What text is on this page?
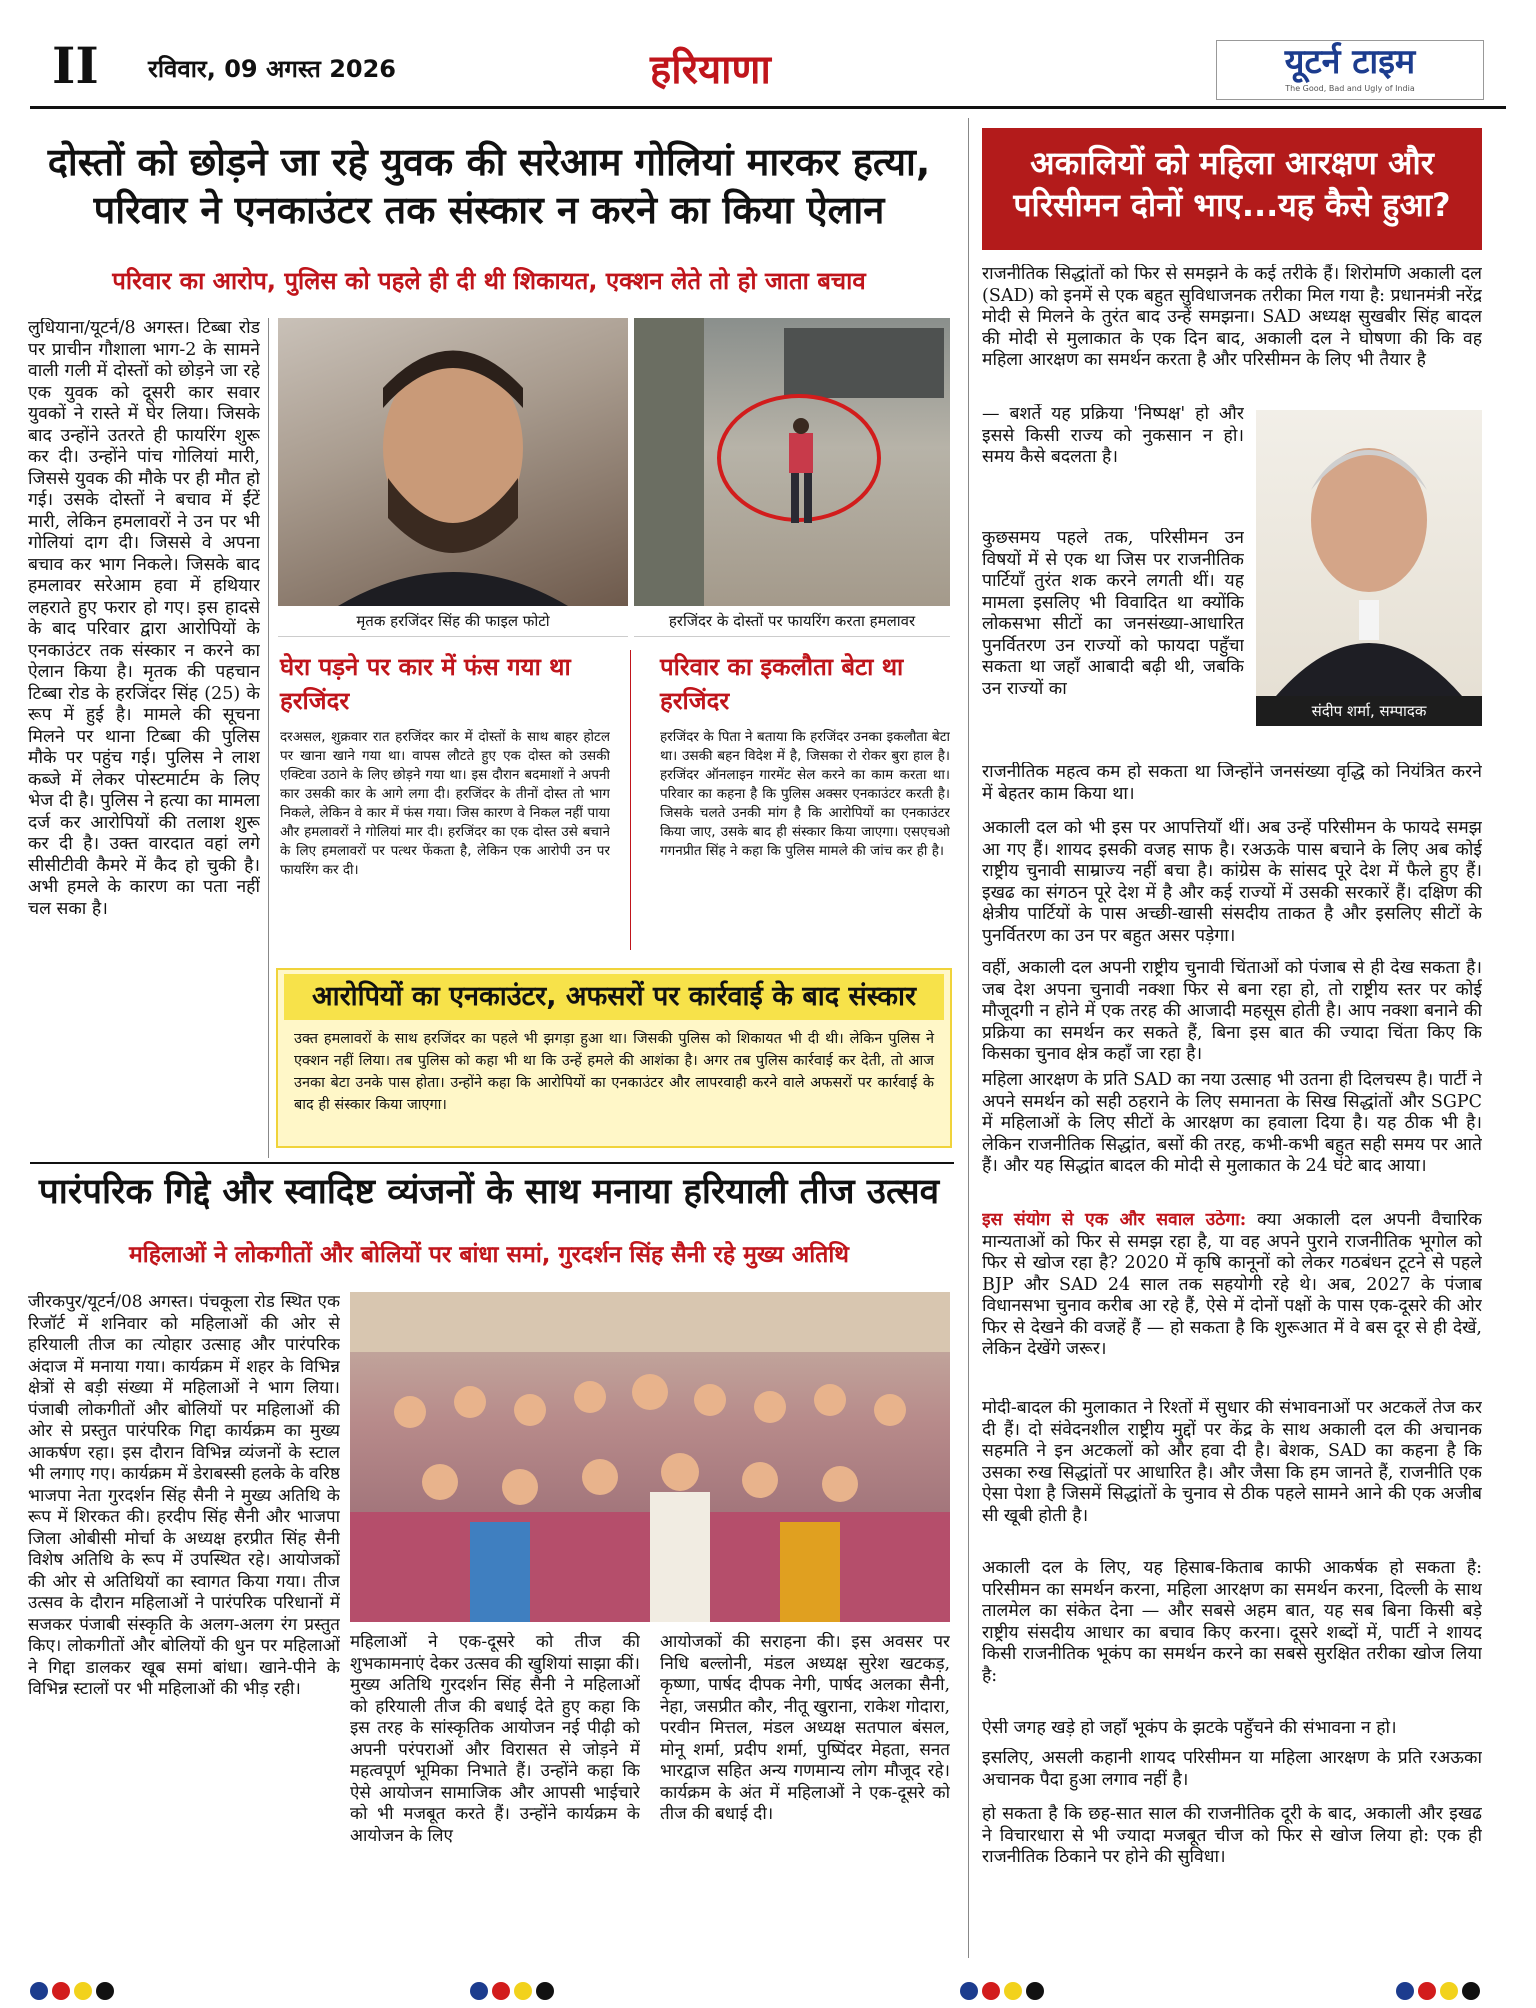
II रविवार, 09 अगस्त 2026	हरियाणा	यूटर्न टाइम
The Good, Bad and Ugly of India
दोस्तों को छोड़ने जा रहे युवक की सरेआम गोलियां मारकर हत्या,
परिवार ने एनकाउंटर तक संस्कार न करने का किया ऐलान
परिवार का आरोप, पुलिस को पहले ही दी थी शिकायत, एक्शन लेते तो हो जाता बचाव
लुधियाना/यूटर्न/8 अगस्त। टिब्बा रोड पर प्राचीन गौशाला भाग-2 के सामने वाली गली में दोस्तों को छोड़ने जा रहे एक युवक को दूसरी कार सवार युवकों ने रास्ते में घेर लिया। जिसके बाद उन्होंने उतरते ही फायरिंग शुरू कर दी। उन्होंने पांच गोलियां मारी, जिससे युवक की मौके पर ही मौत हो गई। उसके दोस्तों ने बचाव में ईंटें मारी, लेकिन हमलावरों ने उन पर भी गोलियां दाग दी। जिससे वे अपना बचाव कर भाग निकले। जिसके बाद हमलावर सरेआम हवा में हथियार लहराते हुए फरार हो गए। इस हादसे के बाद परिवार द्वारा आरोपियों के एनकाउंटर तक संस्कार न करने का ऐलान किया है। मृतक की पहचान टिब्बा रोड के हरजिंदर सिंह (25) के रूप में हुई है। मामले की सूचना मिलने पर थाना टिब्बा की पुलिस मौके पर पहुंच गई। पुलिस ने लाश कब्जे में लेकर पोस्टमार्टम के लिए भेज दी है। पुलिस ने हत्या का मामला दर्ज कर आरोपियों की तलाश शुरू कर दी है। उक्त वारदात वहां लगे सीसीटीवी कैमरे में कैद हो चुकी है। अभी हमले के कारण का पता नहीं चल सका है।
मृतक हरजिंदर सिंह की फाइल फोटो	हरजिंदर के दोस्तों पर फायरिंग करता हमलावर
घेरा पड़ने पर कार में फंस गया था हरजिंदर
दरअसल, शुक्रवार रात हरजिंदर कार में दोस्तों के साथ बाहर होटल पर खाना खाने गया था। वापस लौटते हुए एक दोस्त को उसकी एक्टिवा उठाने के लिए छोड़ने गया था। इस दौरान बदमाशों ने अपनी कार उसकी कार के आगे लगा दी। हरजिंदर के तीनों दोस्त तो भाग निकले, लेकिन वे कार में फंस गया। जिस कारण वे निकल नहीं पाया और हमलावरों ने गोलियां मार दी। हरजिंदर का एक दोस्त उसे बचाने के लिए हमलावरों पर पत्थर फेंकता है, लेकिन एक आरोपी उन पर फायरिंग कर दी।
परिवार का इकलौता बेटा था हरजिंदर
हरजिंदर के पिता ने बताया कि हरजिंदर उनका इकलौता बेटा था। उसकी बहन विदेश में है, जिसका रो रोकर बुरा हाल है। हरजिंदर ऑनलाइन गारमेंट सेल करने का काम करता था। परिवार का कहना है कि पुलिस अक्सर एनकाउंटर करती है। जिसके चलते उनकी मांग है कि आरोपियों का एनकाउंटर किया जाए, उसके बाद ही संस्कार किया जाएगा। एसएचओ गगनप्रीत सिंह ने कहा कि पुलिस मामले की जांच कर ही है।
आरोपियों का एनकाउंटर, अफसरों पर कार्रवाई के बाद संस्कार
उक्त हमलावरों के साथ हरजिंदर का पहले भी झगड़ा हुआ था। जिसकी पुलिस को शिकायत भी दी थी। लेकिन पुलिस ने एक्शन नहीं लिया। तब पुलिस को कहा भी था कि उन्हें हमले की आशंका है। अगर तब पुलिस कार्रवाई कर देती, तो आज उनका बेटा उनके पास होता। उन्होंने कहा कि आरोपियों का एनकाउंटर और लापरवाही करने वाले अफसरों पर कार्रवाई के बाद ही संस्कार किया जाएगा।
पारंपरिक गिद्दे और स्वादिष्ट व्यंजनों के साथ मनाया हरियाली तीज उत्सव
महिलाओं ने लोकगीतों और बोलियों पर बांधा समां, गुरदर्शन सिंह सैनी रहे मुख्य अतिथि
जीरकपुर/यूटर्न/08 अगस्त। पंचकूला रोड स्थित एक रिजॉर्ट में शनिवार को महिलाओं की ओर से हरियाली तीज का त्योहार उत्साह और पारंपरिक अंदाज में मनाया गया। कार्यक्रम में शहर के विभिन्न क्षेत्रों से बड़ी संख्या में महिलाओं ने भाग लिया। पंजाबी लोकगीतों और बोलियों पर महिलाओं की ओर से प्रस्तुत पारंपरिक गिद्दा कार्यक्रम का मुख्य आकर्षण रहा। इस दौरान विभिन्न व्यंजनों के स्टाल भी लगाए गए। कार्यक्रम में डेराबस्सी हलके के वरिष्ठ भाजपा नेता गुरदर्शन सिंह सैनी ने मुख्य अतिथि के रूप में शिरकत की। हरदीप सिंह सैनी और भाजपा जिला ओबीसी मोर्चा के अध्यक्ष हरप्रीत सिंह सैनी विशेष अतिथि के रूप में उपस्थित रहे। आयोजकों की ओर से अतिथियों का स्वागत किया गया। तीज उत्सव के दौरान महिलाओं ने पारंपरिक परिधानों में सजकर पंजाबी संस्कृति के अलग-अलग रंग प्रस्तुत किए। लोकगीतों और बोलियों की धुन पर महिलाओं ने गिद्दा डालकर खूब समां बांधा। खाने-पीने के विभिन्न स्टालों पर भी महिलाओं की भीड़ रही।
महिलाओं ने एक-दूसरे को तीज की शुभकामनाएं देकर उत्सव की खुशियां साझा कीं। मुख्य अतिथि गुरदर्शन सिंह सैनी ने महिलाओं को हरियाली तीज की बधाई देते हुए कहा कि इस तरह के सांस्कृतिक आयोजन नई पीढ़ी को अपनी परंपराओं और विरासत से जोड़ने में महत्वपूर्ण भूमिका निभाते हैं। उन्होंने कहा कि ऐसे आयोजन सामाजिक और आपसी भाईचारे को भी मजबूत करते हैं। उन्होंने कार्यक्रम के आयोजन के लिए
आयोजकों की सराहना की। इस अवसर पर निधि बल्लोनी, मंडल अध्यक्ष सुरेश खटकड़, कृष्णा, पार्षद दीपक नेगी, पार्षद अलका सैनी, नेहा, जसप्रीत कौर, नीतू खुराना, राकेश गोदारा, परवीन मित्तल, मंडल अध्यक्ष सतपाल बंसल, मोनू शर्मा, प्रदीप शर्मा, पुष्पिंदर मेहता, सनत भारद्वाज सहित अन्य गणमान्य लोग मौजूद रहे। कार्यक्रम के अंत में महिलाओं ने एक-दूसरे को तीज की बधाई दी।
अकालियों को महिला आरक्षण और
परिसीमन दोनों भाए...यह कैसे हुआ?
राजनीतिक सिद्धांतों को फिर से समझने के कई तरीके हैं। शिरोमणि अकाली दल (SAD) को इनमें से एक बहुत सुविधाजनक तरीका मिल गया है: प्रधानमंत्री नरेंद्र मोदी से मिलने के तुरंत बाद उन्हें समझना। SAD अध्यक्ष सुखबीर सिंह बादल की मोदी से मुलाकात के एक दिन बाद, अकाली दल ने घोषणा की कि वह महिला आरक्षण का समर्थन करता है और परिसीमन के लिए भी तैयार है
— बशर्ते यह प्रक्रिया 'निष्पक्ष' हो और इससे किसी राज्य को नुकसान न हो। समय कैसे बदलता है।
कुछसमय पहले तक, परिसीमन उन विषयों में से एक था जिस पर राजनीतिक पार्टियाँ तुरंत शक करने लगती थीं। यह मामला इसलिए भी विवादित था क्योंकि लोकसभा सीटों का जनसंख्या-आधारित पुनर्वितरण उन राज्यों को फायदा पहुँचा सकता था जहाँ आबादी बढ़ी थी, जबकि उन राज्यों का
संदीप शर्मा, सम्पादक
राजनीतिक महत्व कम हो सकता था जिन्होंने जनसंख्या वृद्धि को नियंत्रित करने में बेहतर काम किया था।
अकाली दल को भी इस पर आपत्तियाँ थीं। अब उन्हें परिसीमन के फायदे समझ आ गए हैं। शायद इसकी वजह साफ है। रअऊके पास बचाने के लिए अब कोई राष्ट्रीय चुनावी साम्राज्य नहीं बचा है। कांग्रेस के सांसद पूरे देश में फैले हुए हैं। इखढ का संगठन पूरे देश में है और कई राज्यों में उसकी सरकारें हैं। दक्षिण की क्षेत्रीय पार्टियों के पास अच्छी-खासी संसदीय ताकत है और इसलिए सीटों के पुनर्वितरण का उन पर बहुत असर पड़ेगा।
वहीं, अकाली दल अपनी राष्ट्रीय चुनावी चिंताओं को पंजाब से ही देख सकता है। जब देश अपना चुनावी नक्शा फिर से बना रहा हो, तो राष्ट्रीय स्तर पर कोई मौजूदगी न होने में एक तरह की आजादी महसूस होती है। आप नक्शा बनाने की प्रक्रिया का समर्थन कर सकते हैं, बिना इस बात की ज्यादा चिंता किए कि किसका चुनाव क्षेत्र कहाँ जा रहा है।
महिला आरक्षण के प्रति SAD का नया उत्साह भी उतना ही दिलचस्प है। पार्टी ने अपने समर्थन को सही ठहराने के लिए समानता के सिख सिद्धांतों और SGPC में महिलाओं के लिए सीटों के आरक्षण का हवाला दिया है। यह ठीक भी है। लेकिन राजनीतिक सिद्धांत, बसों की तरह, कभी-कभी बहुत सही समय पर आते हैं। और यह सिद्धांत बादल की मोदी से मुलाकात के 24 घंटे बाद आया।
इस संयोग से एक और सवाल उठेगा: क्या अकाली दल अपनी वैचारिक मान्यताओं को फिर से समझ रहा है, या वह अपने पुराने राजनीतिक भूगोल को फिर से खोज रहा है? 2020 में कृषि कानूनों को लेकर गठबंधन टूटने से पहले BJP और SAD 24 साल तक सहयोगी रहे थे। अब, 2027 के पंजाब विधानसभा चुनाव करीब आ रहे हैं, ऐसे में दोनों पक्षों के पास एक-दूसरे की ओर फिर से देखने की वजहें हैं — हो सकता है कि शुरूआत में वे बस दूर से ही देखें, लेकिन देखेंगे जरूर।
मोदी-बादल की मुलाकात ने रिश्तों में सुधार की संभावनाओं पर अटकलें तेज कर दी हैं। दो संवेदनशील राष्ट्रीय मुद्दों पर केंद्र के साथ अकाली दल की अचानक सहमति ने इन अटकलों को और हवा दी है। बेशक, SAD का कहना है कि उसका रुख सिद्धांतों पर आधारित है। और जैसा कि हम जानते हैं, राजनीति एक ऐसा पेशा है जिसमें सिद्धांतों के चुनाव से ठीक पहले सामने आने की एक अजीब सी खूबी होती है।
अकाली दल के लिए, यह हिसाब-किताब काफी आकर्षक हो सकता है: परिसीमन का समर्थन करना, महिला आरक्षण का समर्थन करना, दिल्ली के साथ तालमेल का संकेत देना — और सबसे अहम बात, यह सब बिना किसी बड़े राष्ट्रीय संसदीय आधार का बचाव किए करना। दूसरे शब्दों में, पार्टी ने शायद किसी राजनीतिक भूकंप का समर्थन करने का सबसे सुरक्षित तरीका खोज लिया है:
ऐसी जगह खड़े हो जहाँ भूकंप के झटके पहुँचने की संभावना न हो।
इसलिए, असली कहानी शायद परिसीमन या महिला आरक्षण के प्रति रअऊका अचानक पैदा हुआ लगाव नहीं है।
हो सकता है कि छह-सात साल की राजनीतिक दूरी के बाद, अकाली और इखढ ने विचारधारा से भी ज्यादा मजबूत चीज को फिर से खोज लिया हो: एक ही राजनीतिक ठिकाने पर होने की सुविधा।
